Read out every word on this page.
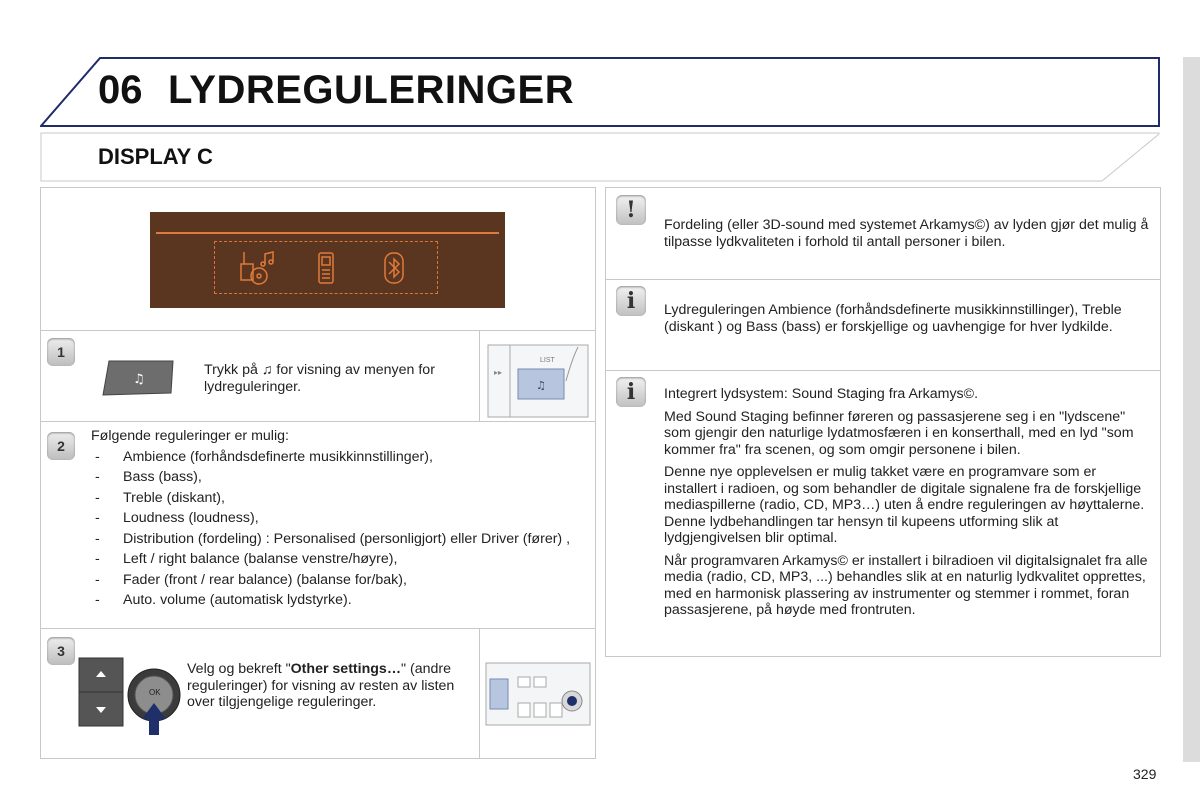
06 LYDREGULERINGER
DISPLAY C
1
♫
Trykk på ♫ for visning av menyen for lydreguleringer.
▸▸
♫
LIST
2
Følgende reguleringer er mulig:
- Ambience (forhåndsdefinerte musikkinnstillinger),
- Bass (bass),
- Treble (diskant),
- Loudness (loudness),
- Distribution (fordeling) : Personalised (personligjort) eller Driver (fører) ,
- Left / right balance (balanse venstre/høyre),
- Fader (front / rear balance) (balanse for/bak),
- Auto. volume (automatisk lydstyrke).
3
OK
Velg og bekreft "Other settings…" (andre reguleringer) for visning av resten av listen over tilgjengelige reguleringer.
!
Fordeling (eller 3D-sound med systemet Arkamys©) av lyden gjør det mulig å tilpasse lydkvaliteten i forhold til antall personer i bilen.
i	Lydreguleringen Ambience (forhåndsdefinerte musikkinnstillinger), Treble (diskant ) og Bass (bass) er forskjellige og uavhengige for hver lydkilde.
i	Integrert lydsystem: Sound Staging fra Arkamys©.

Med Sound Staging befinner føreren og passasjerene seg i en "lydscene" som gjengir den naturlige lydatmosfæren i en konserthall, med en lyd "som kommer fra" fra scenen, og som omgir personene i bilen.

Denne nye opplevelsen er mulig takket være en programvare som er installert i radioen, og som behandler de digitale signalene fra de forskjellige mediaspillerne (radio, CD, MP3…) uten å endre reguleringen av høyttalerne. Denne lydbehandlingen tar hensyn til kupeens utforming slik at lydgjengivelsen blir optimal.

Når programvaren Arkamys© er installert i bilradioen vil digitalsignalet fra alle media (radio, CD, MP3, ...) behandles slik at en naturlig lydkvalitet opprettes, med en harmonisk plassering av instrumenter og stemmer i rommet, foran passasjerene, på høyde med frontruten.

329
